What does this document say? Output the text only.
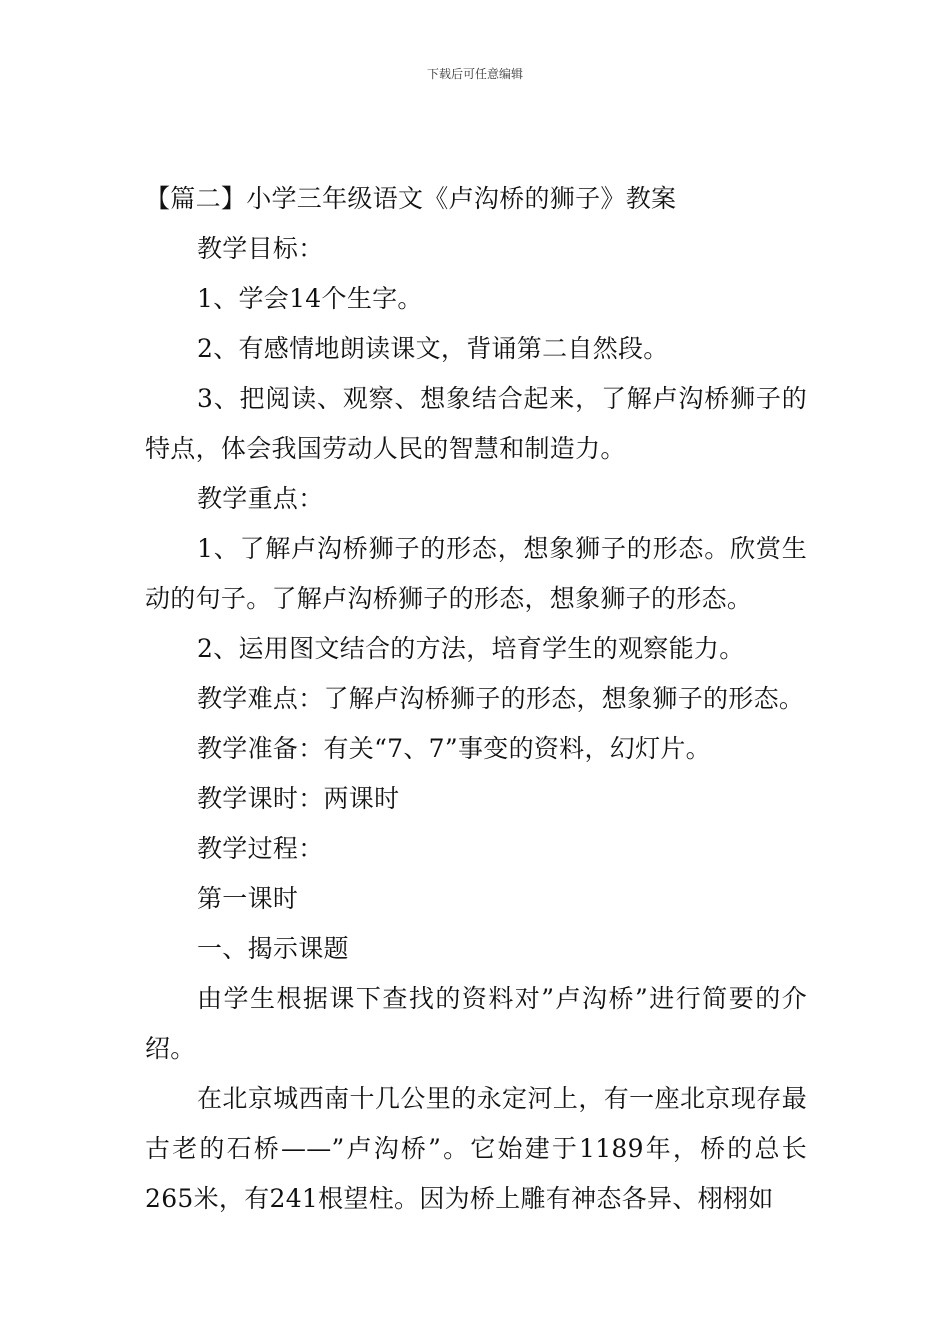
下载后可任意编辑

【篇二】小学三年级语文《卢沟桥的狮子》教案

教学目标：

1、学会14个生字。

2、有感情地朗读课文，背诵第二自然段。

3、把阅读、观察、想象结合起来，了解卢沟桥狮子的特点，体会我国劳动人民的智慧和制造力。

教学重点：

1、了解卢沟桥狮子的形态，想象狮子的形态。欣赏生动的句子。了解卢沟桥狮子的形态，想象狮子的形态。

2、运用图文结合的方法，培育学生的观察能力。

教学难点：了解卢沟桥狮子的形态，想象狮子的形态。

教学准备：有关“7、7”事变的资料，幻灯片。

教学课时：两课时

教学过程：

第一课时

一、揭示课题

由学生根据课下查找的资料对”卢沟桥”进行简要的介绍。

在北京城西南十几公里的永定河上，有一座北京现存最古老的石桥——”卢沟桥”。它始建于1189年，桥的总长265米，有241根望柱。因为桥上雕有神态各异、栩栩如
